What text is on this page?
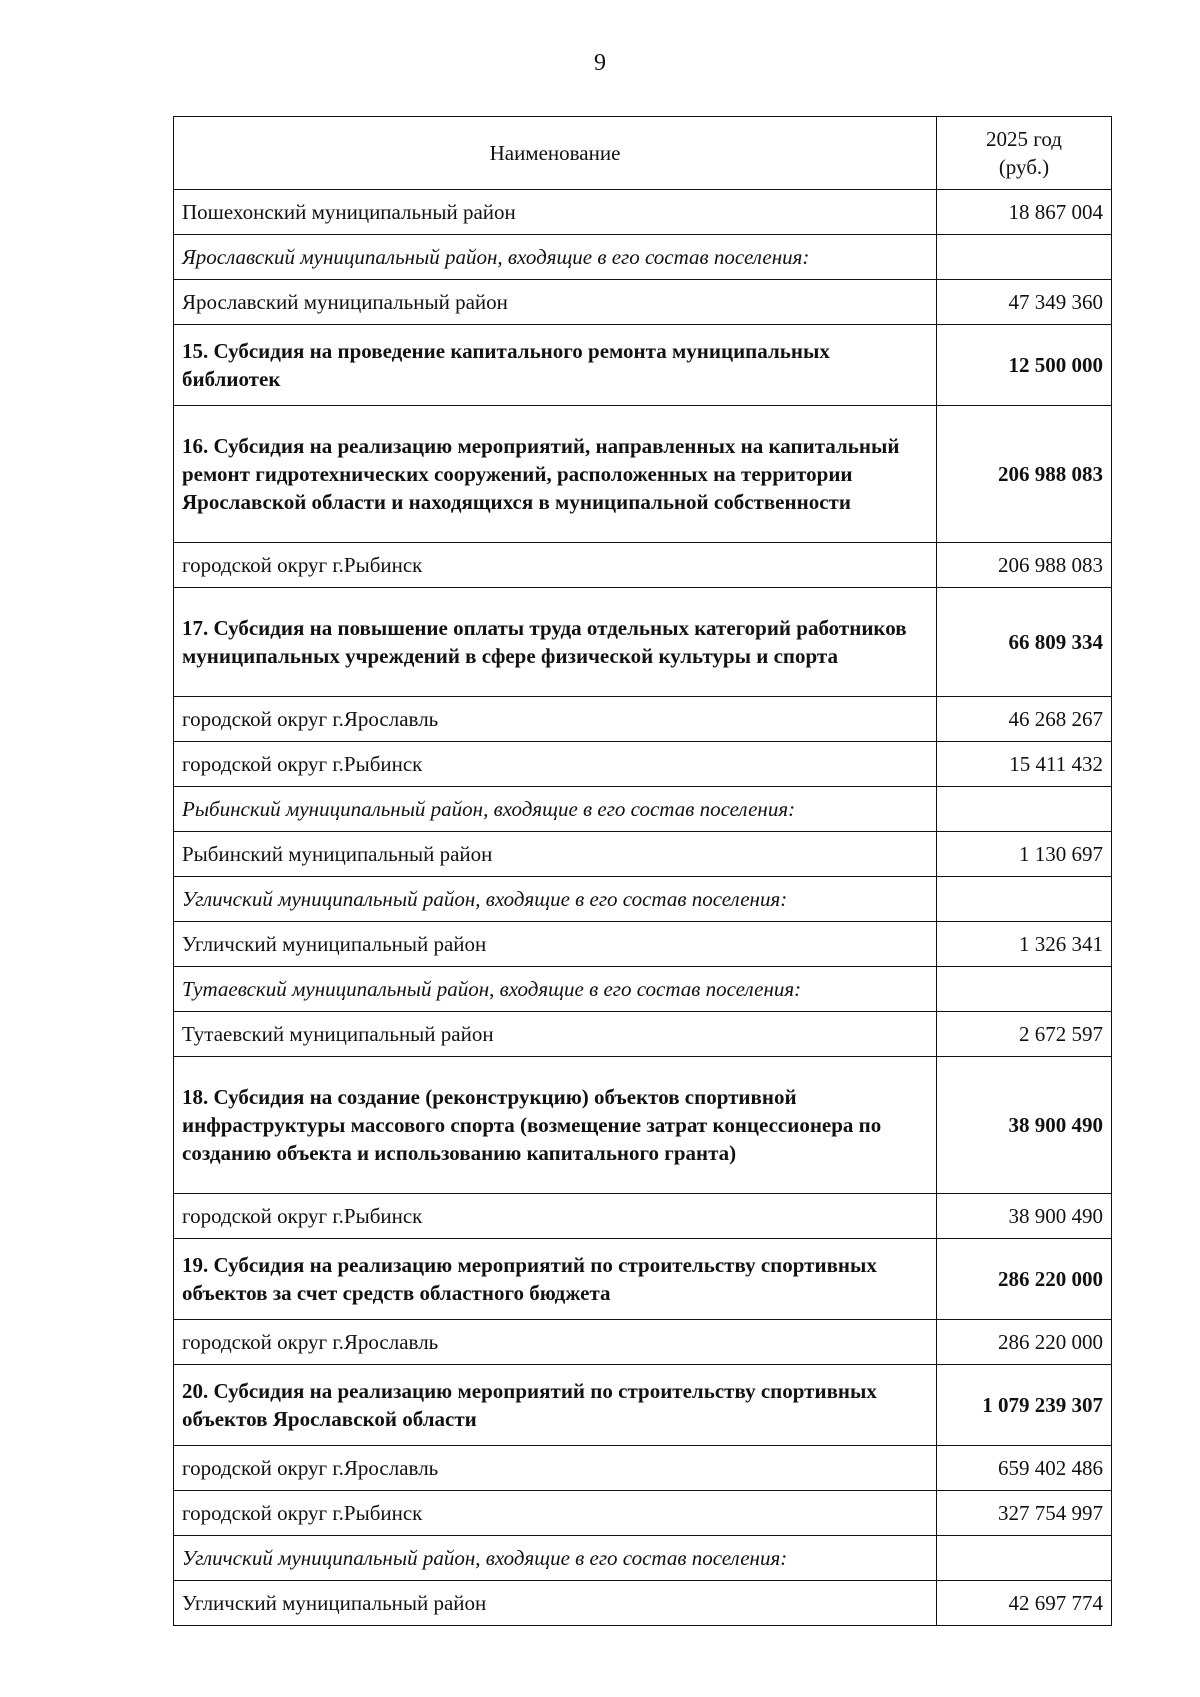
9
Наименование	2025 год
(руб.)

Пошехонский муниципальный район	18 867 004
Ярославский муниципальный район, входящие в его состав поселения:	
Ярославский муниципальный район	47 349 360
15. Субсидия на проведение капитального ремонта муниципальных библиотек	12 500 000
16. Субсидия на реализацию мероприятий, направленных на капитальный ремонт гидротехнических сооружений, расположенных на территории Ярославской области и находящихся в муниципальной собственности	206 988 083
городской округ г.Рыбинск	206 988 083
17. Субсидия на повышение оплаты труда отдельных категорий работников муниципальных учреждений в сфере физической культуры и спорта	66 809 334
городской округ г.Ярославль	46 268 267
городской округ г.Рыбинск	15 411 432
Рыбинский муниципальный район, входящие в его состав поселения:	
Рыбинский муниципальный район	1 130 697
Угличский муниципальный район, входящие в его состав поселения:	
Угличский муниципальный район	1 326 341
Тутаевский муниципальный район, входящие в его состав поселения:	
Тутаевский муниципальный район	2 672 597
18. Субсидия на создание (реконструкцию) объектов спортивной инфраструктуры массового спорта (возмещение затрат концессионера по созданию объекта и использованию капитального гранта)	38 900 490
городской округ г.Рыбинск	38 900 490
19. Субсидия на реализацию мероприятий по строительству спортивных объектов за счет средств областного бюджета	286 220 000
городской округ г.Ярославль	286 220 000
20. Субсидия на реализацию мероприятий по строительству спортивных объектов Ярославской области	1 079 239 307
городской округ г.Ярославль	659 402 486
городской округ г.Рыбинск	327 754 997
Угличский муниципальный район, входящие в его состав поселения:	
Угличский муниципальный район	42 697 774
